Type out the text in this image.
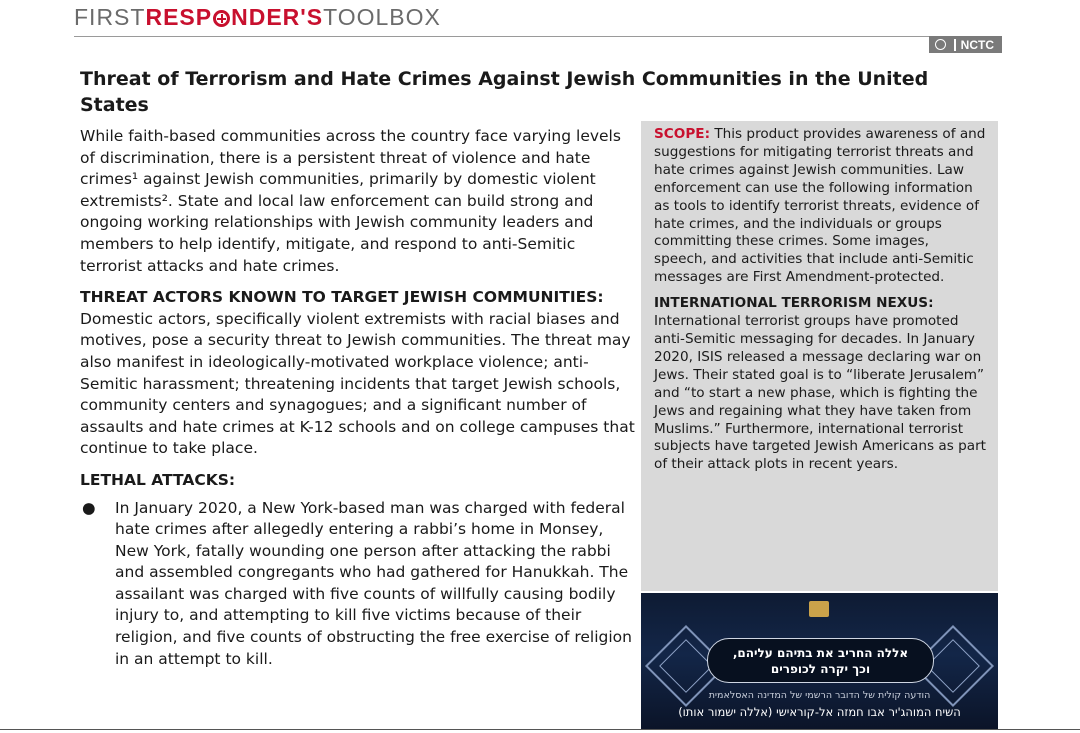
FIRST RESP NDER'S TOOLBOX
NCTC
Threat of Terrorism and Hate Crimes Against Jewish Communities in the United States

While faith-based communities across the country face varying levels of discrimination, there is a persistent threat of violence and hate crimes¹ against Jewish communities, primarily by domestic violent extremists². State and local law enforcement can build strong and ongoing working relationships with Jewish community leaders and members to help identify, mitigate, and respond to anti-Semitic terrorist attacks and hate crimes.

THREAT ACTORS KNOWN TO TARGET JEWISH COMMUNITIES: Domestic actors, specifically violent extremists with racial biases and motives, pose a security threat to Jewish communities. The threat may also manifest in ideologically-motivated workplace violence; anti-Semitic harassment; threatening incidents that target Jewish schools, community centers and synagogues; and a significant number of assaults and hate crimes at K-12 schools and on college campuses that continue to take place.

LETHAL ATTACKS:

● In January 2020, a New York-based man was charged with federal hate crimes after allegedly entering a rabbi’s home in Monsey, New York, fatally wounding one person after attacking the rabbi and assembled congregants who had gathered for Hanukkah. The assailant was charged with five counts of willfully causing bodily injury to, and attempting to kill five victims because of their religion, and five counts of obstructing the free exercise of religion in an attempt to kill.

SCOPE: This product provides awareness of and suggestions for mitigating terrorist threats and hate crimes against Jewish communities. Law enforcement can use the following information as tools to identify terrorist threats, evidence of hate crimes, and the individuals or groups committing these crimes. Some images, speech, and activities that include anti-Semitic messages are First Amendment-protected.

INTERNATIONAL TERRORISM NEXUS: International terrorist groups have promoted anti-Semitic messaging for decades. In January 2020, ISIS released a message declaring war on Jews. Their stated goal is to “liberate Jerusalem” and “to start a new phase, which is fighting the Jews and regaining what they have taken from Muslims.” Furthermore, international terrorist subjects have targeted Jewish Americans as part of their attack plots in recent years.

אללה החריב את בתיהם עליהם,
וכך יקרה לכופרים
הודעה קולית של הדובר הרשמי של המדינה האסלאמית
השיח המוהג'יר אבו חמזה אל-קוראישי (אללה ישמור אותו)
